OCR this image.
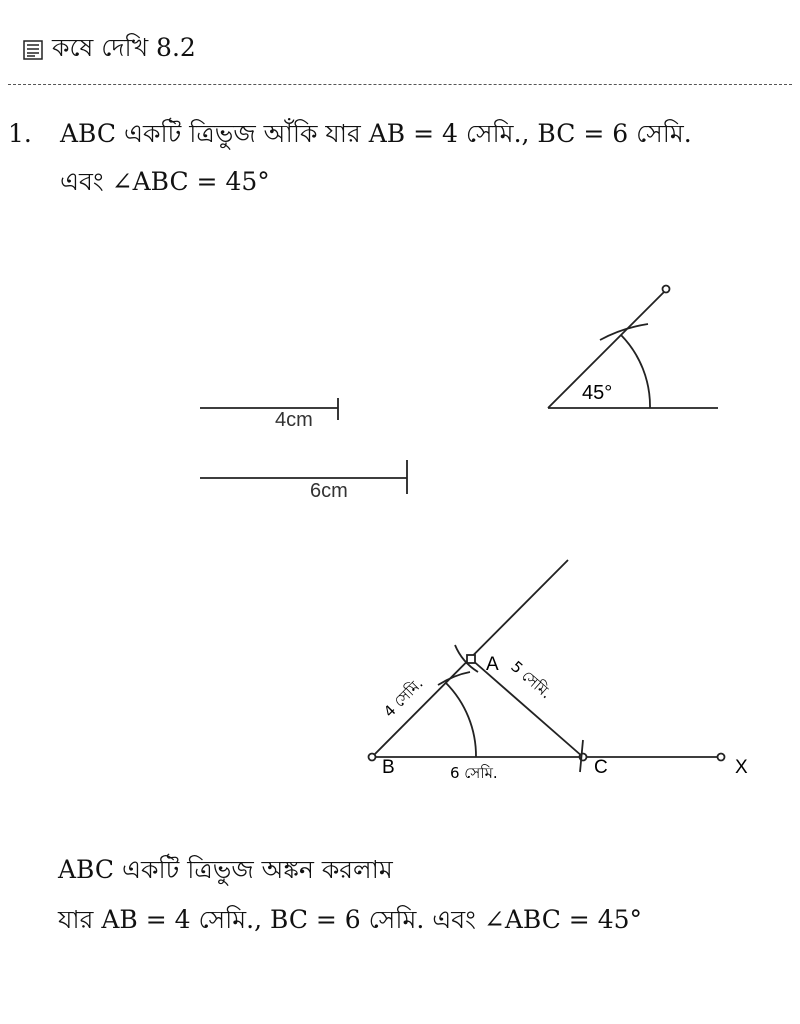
কষে দেখি 8.2
1. ABC একটি ত্রিভুজ আঁকি যার AB = 4 সেমি., BC = 6 সেমি.
এবং ∠ABC = 45°
45°
4cm
6cm
A
B	C	X
4 সেমি.	5 সেমি.
6 সেমি.
ABC একটি ত্রিভুজ অঙ্কন করলাম
যার AB = 4 সেমি., BC = 6 সেমি. এবং ∠ABC = 45°
